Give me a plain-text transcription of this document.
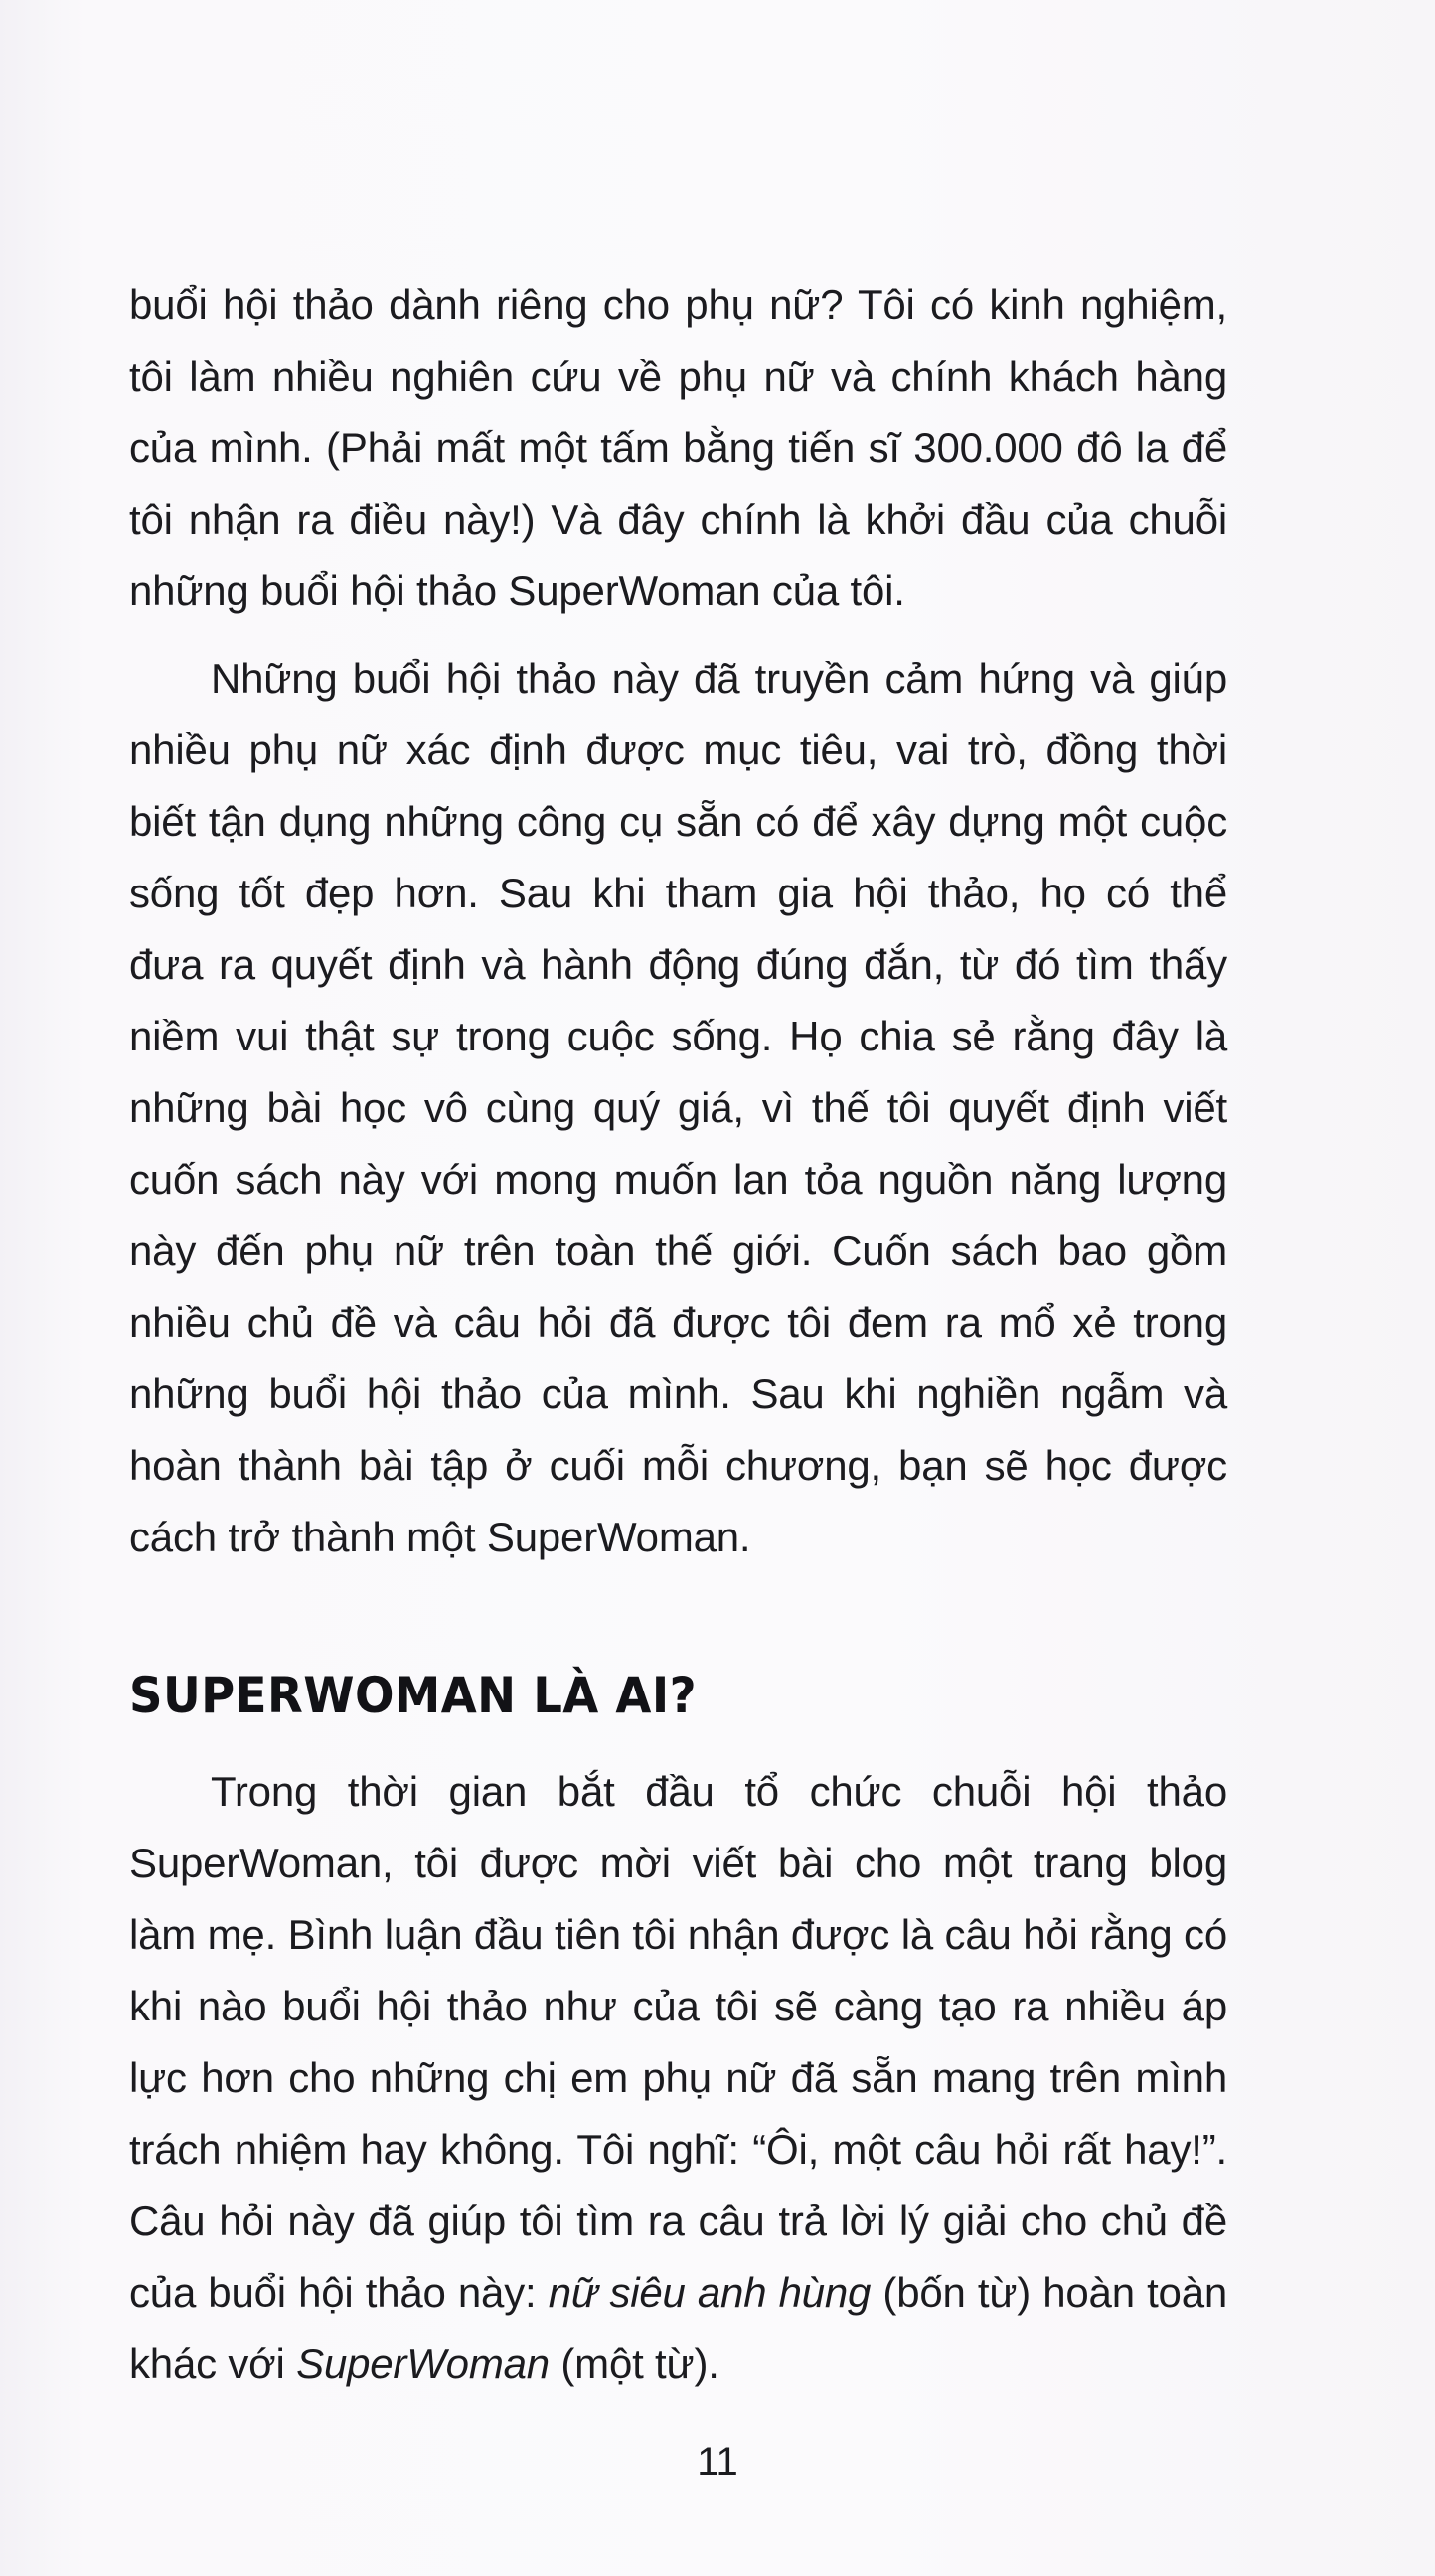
buổi hội thảo dành riêng cho phụ nữ? Tôi có kinh nghiệm,
tôi làm nhiều nghiên cứu về phụ nữ và chính khách hàng
của mình. (Phải mất một tấm bằng tiến sĩ 300.000 đô la để
tôi nhận ra điều này!) Và đây chính là khởi đầu của chuỗi
những buổi hội thảo SuperWoman của tôi.
Những buổi hội thảo này đã truyền cảm hứng và giúp
nhiều phụ nữ xác định được mục tiêu, vai trò, đồng thời
biết tận dụng những công cụ sẵn có để xây dựng một cuộc
sống tốt đẹp hơn. Sau khi tham gia hội thảo, họ có thể
đưa ra quyết định và hành động đúng đắn, từ đó tìm thấy
niềm vui thật sự trong cuộc sống. Họ chia sẻ rằng đây là
những bài học vô cùng quý giá, vì thế tôi quyết định viết
cuốn sách này với mong muốn lan tỏa nguồn năng lượng
này đến phụ nữ trên toàn thế giới. Cuốn sách bao gồm
nhiều chủ đề và câu hỏi đã được tôi đem ra mổ xẻ trong
những buổi hội thảo của mình. Sau khi nghiền ngẫm và
hoàn thành bài tập ở cuối mỗi chương, bạn sẽ học được
cách trở thành một SuperWoman.
SUPERWOMAN LÀ AI?
Trong thời gian bắt đầu tổ chức chuỗi hội thảo
SuperWoman, tôi được mời viết bài cho một trang blog
làm mẹ. Bình luận đầu tiên tôi nhận được là câu hỏi rằng có
khi nào buổi hội thảo như của tôi sẽ càng tạo ra nhiều áp
lực hơn cho những chị em phụ nữ đã sẵn mang trên mình
trách nhiệm hay không. Tôi nghĩ: “Ôi, một câu hỏi rất hay!”.
Câu hỏi này đã giúp tôi tìm ra câu trả lời lý giải cho chủ đề
của buổi hội thảo này: nữ siêu anh hùng (bốn từ) hoàn toàn
khác với SuperWoman (một từ).
11
